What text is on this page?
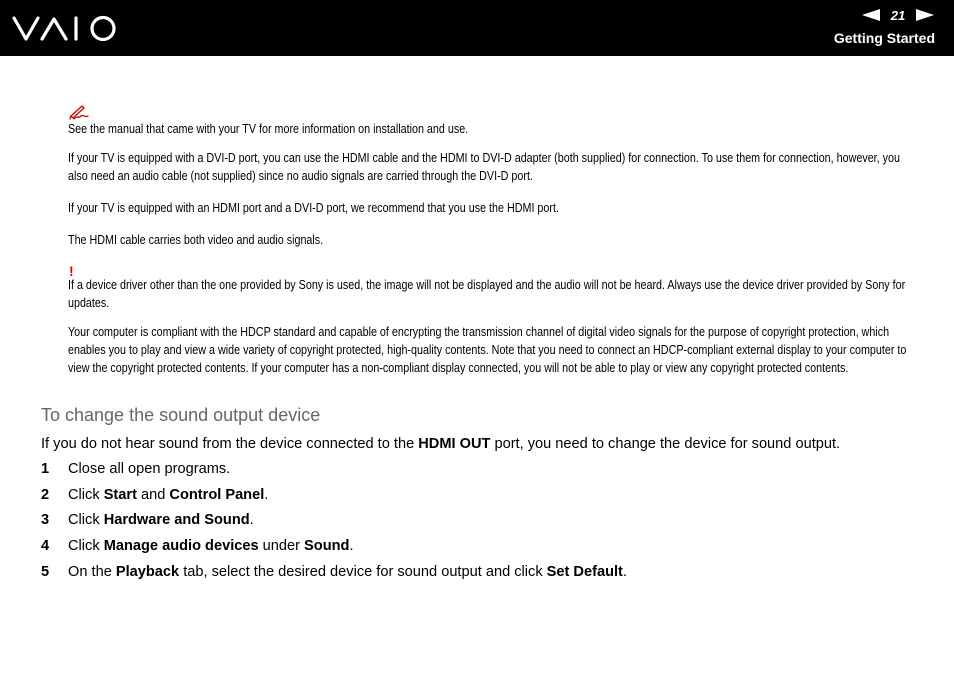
21
Getting Started
See the manual that came with your TV for more information on installation and use.
If your TV is equipped with a DVI-D port, you can use the HDMI cable and the HDMI to DVI-D adapter (both supplied) for connection. To use them for connection, however, you also need an audio cable (not supplied) since no audio signals are carried through the DVI-D port.
If your TV is equipped with an HDMI port and a DVI-D port, we recommend that you use the HDMI port.
The HDMI cable carries both video and audio signals.
!
If a device driver other than the one provided by Sony is used, the image will not be displayed and the audio will not be heard. Always use the device driver provided by Sony for updates.
Your computer is compliant with the HDCP standard and capable of encrypting the transmission channel of digital video signals for the purpose of copyright protection, which enables you to play and view a wide variety of copyright protected, high-quality contents. Note that you need to connect an HDCP-compliant external display to your computer to view the copyright protected contents. If your computer has a non-compliant display connected, you will not be able to play or view any copyright protected contents.
To change the sound output device
If you do not hear sound from the device connected to the HDMI OUT port, you need to change the device for sound output.
1 Close all open programs.
2 Click Start and Control Panel.
3 Click Hardware and Sound.
4 Click Manage audio devices under Sound.
5 On the Playback tab, select the desired device for sound output and click Set Default.
